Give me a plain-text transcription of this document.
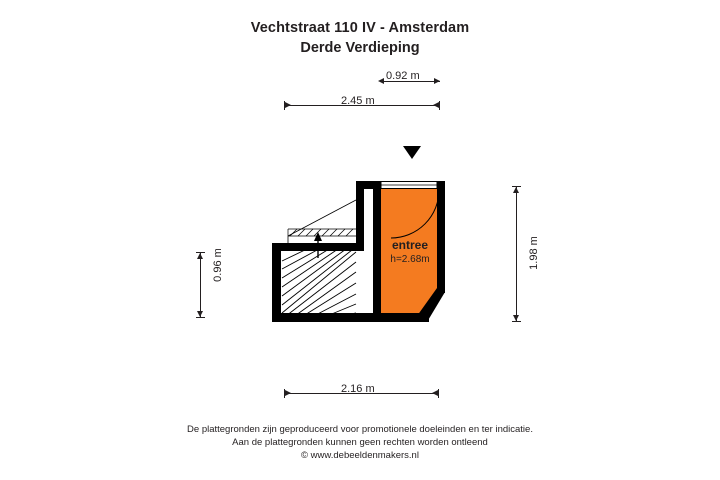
Vechtstraat 110 IV - Amsterdam
Derde Verdieping
0.92 m
2.45 m
1.98 m
0.96 m
2.16 m
entree
h=2.68m
De plattegronden zijn geproduceerd voor promotionele doeleinden en ter indicatie.
Aan de plattegronden kunnen geen rechten worden ontleend
© www.debeeldenmakers.nl
